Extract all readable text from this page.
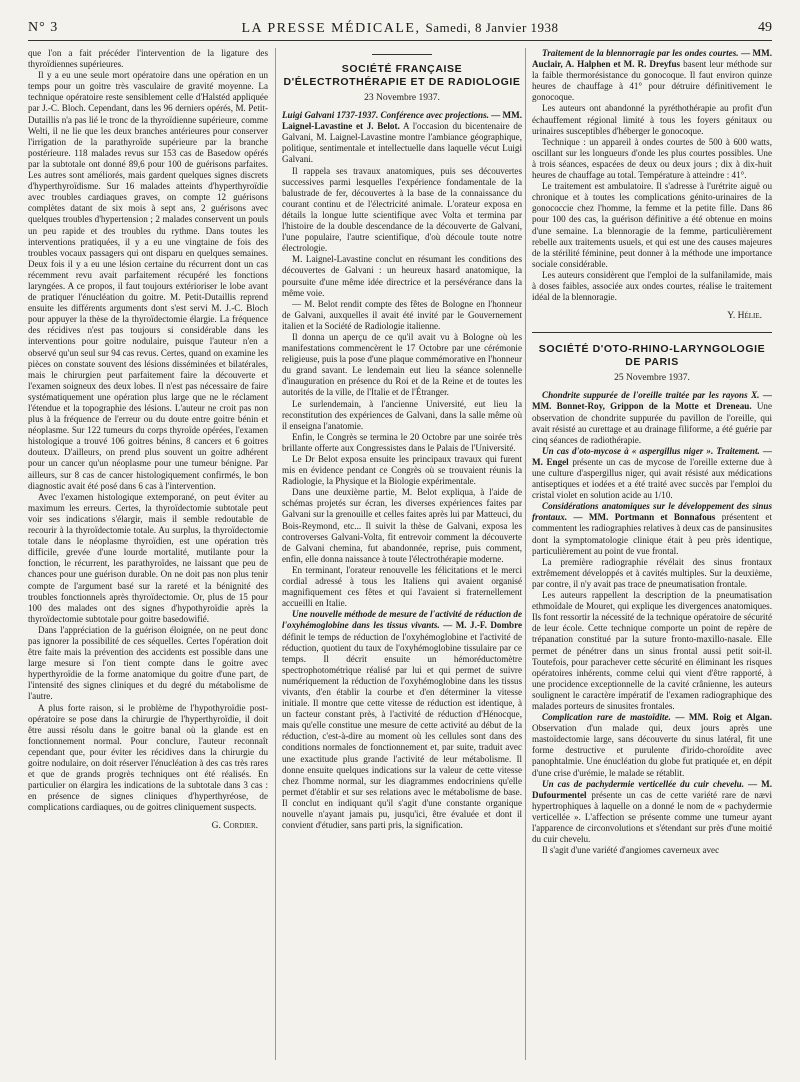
N° 3	LA PRESSE MÉDICALE, Samedi, 8 Janvier 1938	49

que l'on a fait précéder l'intervention de la ligature des thyroïdiennes supérieures.

Il y a eu une seule mort opératoire dans une opération en un temps pour un goitre très vasculaire de gravité moyenne. La technique opératoire reste sensiblement celle d'Halstéd appliquée par J.-C. Bloch. Cependant, dans les 96 derniers opérés, M. Petit-Dutaillis n'a pas lié le tronc de la thyroïdienne supérieure, comme Welti, il ne lie que les deux branches antérieures pour conserver l'irrigation de la parathyroïde supérieure par la branche postérieure. 118 malades revus sur 153 cas de Basedow opérés par la subtotale ont donné 89,6 pour 100 de guérisons parfaites. Les autres sont améliorés, mais gardent quelques signes discrets d'hyperthyroïdisme. Sur 16 malades atteints d'hyperthyroïdie avec troubles cardiaques graves, on compte 12 guérisons complètes datant de six mois à sept ans, 2 guérisons avec quelques troubles d'hypertension ; 2 malades conservent un pouls un peu rapide et des troubles du rythme. Dans toutes les interventions pratiquées, il y a eu une vingtaine de fois des troubles vocaux passagers qui ont disparu en quelques semaines. Deux fois il y a eu une lésion certaine du récurrent dont un cas récemment revu avait parfaitement récupéré les fonctions laryngées. A ce propos, il faut toujours extérioriser le lobe avant de pratiquer l'énucléation du goitre. M. Petit-Dutaillis reprend ensuite les différents arguments dont s'est servi M. J.-C. Bloch pour appuyer la thèse de la thyroïdectomie élargie. La fréquence des récidives n'est pas toujours si considérable dans les interventions pour goitre nodulaire, puisque l'auteur n'en a observé qu'un seul sur 94 cas revus. Certes, quand on examine les pièces on constate souvent des lésions disséminées et bilatérales, mais le chirurgien peut parfaitement faire la découverte et l'examen soigneux des deux lobes. Il n'est pas nécessaire de faire systématiquement une opération plus large que ne le réclament l'étendue et la topographie des lésions. L'auteur ne croit pas non plus à la fréquence de l'erreur ou du doute entre goitre bénin et néoplasme. Sur 122 tumeurs du corps thyroïde opérées, l'examen histologique a trouvé 106 goitres bénins, 8 cancers et 6 goitres douteux. D'ailleurs, on prend plus souvent un goitre adhérent pour un cancer qu'un néoplasme pour une tumeur bénigne. Par ailleurs, sur 8 cas de cancer histologiquement confirmés, le bon diagnostic avait été posé dans 6 cas à l'intervention.

Avec l'examen histologique extemporané, on peut éviter au maximum les erreurs. Certes, la thyroïdectomie subtotale peut voir ses indications s'élargir, mais il semble redoutable de recourir à la thyroïdectomie totale. Au surplus, la thyroïdectomie totale dans le néoplasme thyroïdien, est une opération très difficile, grevée d'une lourde mortalité, mutilante pour la fonction, le récurrent, les parathyroïdes, ne laissant que peu de chances pour une guérison durable. On ne doit pas non plus tenir compte de l'argument basé sur la rareté et la bénignité des troubles fonctionnels après thyroïdectomie. Or, plus de 15 pour 100 des malades ont des signes d'hypothyroïdie après la thyroïdectomie subtotale pour goitre basedowifié.

Dans l'appréciation de la guérison éloignée, on ne peut donc pas ignorer la possibilité de ces séquelles. Certes l'opération doit être faite mais la prévention des accidents est possible dans une large mesure si l'on tient compte dans le goitre avec hyperthyroïdie de la forme anatomique du goitre d'une part, de l'intensité des signes cliniques et du degré du métabolisme de l'autre.

A plus forte raison, si le problème de l'hypothyroïdie post-opératoire se pose dans la chirurgie de l'hyperthyroïdie, il doit être aussi résolu dans le goitre banal où la glande est en fonctionnement normal. Pour conclure, l'auteur reconnaît cependant que, pour éviter les récidives dans la chirurgie du goitre nodulaire, on doit réserver l'énucléation à des cas très rares et que de grands progrès techniques ont été réalisés. En particulier on élargira les indications de la subtotale dans 3 cas : en présence de signes cliniques d'hyperthyréose, de complications cardiaques, ou de goitres cliniquement suspects.

G. Cordier.
SOCIÉTÉ FRANÇAISE D'ÉLECTROTHÉRAPIE ET DE RADIOLOGIE
23 Novembre 1937.

Luigi Galvani 1737-1937. Conférence avec projections. — MM. Laignel-Lavastine et J. Belot. A l'occasion du bicentenaire de Galvani, M. Laignel-Lavastine montre l'ambiance géographique, politique, sentimentale et intellectuelle dans laquelle vécut Luigi Galvani.

Il rappela ses travaux anatomiques, puis ses découvertes successives parmi lesquelles l'expérience fondamentale de la balustrade de fer, découvertes à la base de la connaissance du courant continu et de l'électricité animale. L'orateur exposa en détails la longue lutte scientifique avec Volta et termina par l'histoire de la double descendance de la découverte de Galvani, l'une populaire, l'autre scientifique, d'où découle toute notre électrologie.

M. Laignel-Lavastine conclut en résumant les conditions des découvertes de Galvani : un heureux hasard anatomique, la poursuite d'une même idée directrice et la persévérance dans la même voie.

— M. Belot rendit compte des fêtes de Bologne en l'honneur de Galvani, auxquelles il avait été invité par le Gouvernement italien et la Société de Radiologie italienne.

Il donna un aperçu de ce qu'il avait vu à Bologne où les manifestations commencèrent le 17 Octobre par une cérémonie religieuse, puis la pose d'une plaque commémorative en l'honneur du grand savant. Le lendemain eut lieu la séance solennelle d'inauguration en présence du Roi et de la Reine et de toutes les autorités de la ville, de l'Italie et de l'Étranger.

Le surlendemain, à l'ancienne Université, eut lieu la reconstitution des expériences de Galvani, dans la salle même où il enseigna l'anatomie.

Enfin, le Congrès se termina le 20 Octobre par une soirée très brillante offerte aux Congressistes dans le Palais de l'Université.

Le Dr Belot exposa ensuite les principaux travaux qui furent mis en évidence pendant ce Congrès où se trouvaient réunis la Radiologie, la Physique et la Biologie expérimentale.

Dans une deuxième partie, M. Belot expliqua, à l'aide de schémas projetés sur écran, les diverses expériences faites par Galvani sur la grenouille et celles faites après lui par Matteuci, du Bois-Reymond, etc... Il suivit la thèse de Galvani, exposa les controverses Galvani-Volta, fit entrevoir comment la découverte de Galvani chemina, fut abandonnée, reprise, puis comment, enfin, elle donna naissance à toute l'électrothérapie moderne.

En terminant, l'orateur renouvelle les félicitations et le merci cordial adressé à tous les Italiens qui avaient organisé magnifiquement ces fêtes et qui l'avaient si fraternellement accueilli en Italie.

Une nouvelle méthode de mesure de l'activité de réduction de l'oxyhémoglobine dans les tissus vivants. — M. J.-F. Dombre définit le temps de réduction de l'oxyhémoglobine et l'activité de réduction, quotient du taux de l'oxyhémoglobine tissulaire par ce temps. Il décrit ensuite un hémoréductomètre spectrophotométrique réalisé par lui et qui permet de suivre numériquement la réduction de l'oxyhémoglobine dans les tissus vivants, d'en établir la courbe et d'en déterminer la vitesse initiale. Il montre que cette vitesse de réduction est identique, à un facteur constant près, à l'activité de réduction d'Hénocque, mais qu'elle constitue une mesure de cette activité au début de la réduction, c'est-à-dire au moment où les cellules sont dans des conditions normales de fonctionnement et, par suite, traduit avec une exactitude plus grande l'activité de leur métabolisme. Il donne ensuite quelques indications sur la valeur de cette vitesse chez l'homme normal, sur les diagrammes endocriniens qu'elle permet d'établir et sur ses relations avec le métabolisme de base. Il conclut en indiquant qu'il s'agit d'une constante organique nouvelle n'ayant jamais pu, jusqu'ici, être évaluée et dont il convient d'étudier, sans parti pris, la signification.

Traitement de la blennorragie par les ondes courtes. — MM. Auclair, A. Halphen et M. R. Dreyfus basent leur méthode sur la faible thermorésistance du gonocoque. Il faut environ quinze heures de chauffage à 41° pour détruire définitivement le gonocoque.

Les auteurs ont abandonné la pyréthothérapie au profit d'un échauffement régional limité à tous les foyers génitaux ou urinaires susceptibles d'héberger le gonocoque.

Technique : un appareil à ondes courtes de 500 à 600 watts, oscillant sur les longueurs d'onde les plus courtes possibles. Une à trois séances, espacées de deux ou deux jours ; dix à dix-huit heures de chauffage au total. Température à atteindre : 41°.

Le traitement est ambulatoire. Il s'adresse à l'urétrite aiguë ou chronique et à toutes les complications génito-urinaires de la gonococcie chez l'homme, la femme et la petite fille. Dans 86 pour 100 des cas, la guérison définitive a été obtenue en moins d'une semaine. La blennoragie de la femme, particulièrement rebelle aux traitements usuels, et qui est une des causes majeures de la stérilité féminine, peut donner à la méthode une importance sociale considérable.

Les auteurs considèrent que l'emploi de la sulfanilamide, mais à doses faibles, associée aux ondes courtes, réalise le traitement idéal de la blennoragie.

Y. Hélie.
SOCIÉTÉ D'OTO-RHINO-LARYNGOLOGIE DE PARIS
25 Novembre 1937.

Chondrite suppurée de l'oreille traitée par les rayons X. — MM. Bonnet-Roy, Grippon de la Motte et Dreneau. Une observation de chondrite suppurée du pavillon de l'oreille, qui avait résisté au curettage et au drainage filiforme, a été guérie par cinq séances de radiothérapie.

Un cas d'oto-mycose à « aspergillus niger ». Traitement. — M. Engel présente un cas de mycose de l'oreille externe due à une culture d'aspergillus niger, qui avait résisté aux médications antiseptiques et iodées et a été traité avec succès par l'emploi du cristal violet en solution acide au 1/10.

Considérations anatomiques sur le développement des sinus frontaux. — MM. Portmann et Bonnafous présentent et commentent les radiographies relatives à deux cas de pansinusites dont la symptomatologie clinique était à peu près identique, particulièrement au point de vue frontal.

La première radiographie révélait des sinus frontaux extrêmement développés et à cavités multiples. Sur la deuxième, par contre, il n'y avait pas trace de pneumatisation frontale.

Les auteurs rappellent la description de la pneumatisation ethmoïdale de Mouret, qui explique les divergences anatomiques. Ils font ressortir la nécessité de la technique opératoire de sécurité de leur école. Cette technique comporte un point de repère de trépanation constitué par la suture fronto-maxillo-nasale. Elle permet de pénétrer dans un sinus frontal aussi petit soit-il. Toutefois, pour parachever cette sécurité en éliminant les risques opératoires inhérents, comme celui qui vient d'être rapporté, à une procidence exceptionnelle de la cavité crânienne, les auteurs soulignent le caractère impératif de l'examen radiographique des malades porteurs de sinusites frontales.

Complication rare de mastoïdite. — MM. Roig et Algan. Observation d'un malade qui, deux jours après une mastoïdectomie large, sans découverte du sinus latéral, fit une forme destructive et purulente d'irido-choroïdite avec panophtalmie. Une énucléation du globe fut pratiquée et, en dépit d'une crise d'urémie, le malade se rétablit.

Un cas de pachydermie verticellée du cuir chevelu. — M. Dufourmentel présente un cas de cette variété rare de nævi hypertrophiques à laquelle on a donné le nom de « pachydermie verticellée ». L'affection se présente comme une tumeur ayant l'apparence de circonvolutions et s'étendant sur près d'une moitié du cuir chevelu.

Il s'agit d'une variété d'angiomes caverneux avec
